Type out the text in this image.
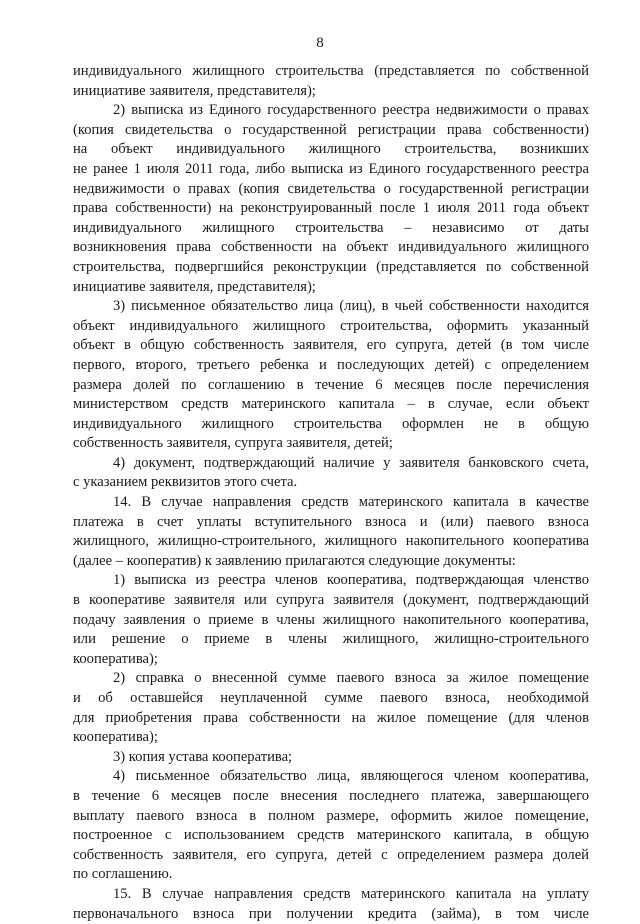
8
индивидуального жилищного строительства (представляется по собственной
инициативе заявителя, представителя);
2) выписка из Единого государственного реестра недвижимости о правах
(копия свидетельства о государственной регистрации права собственности)
на объект индивидуального жилищного строительства, возникших
не ранее 1 июля 2011 года, либо выписка из Единого государственного реестра
недвижимости о правах (копия свидетельства о государственной регистрации
права собственности) на реконструированный после 1 июля 2011 года объект
индивидуального жилищного строительства – независимо от даты
возникновения права собственности на объект индивидуального жилищного
строительства, подвергшийся реконструкции (представляется по собственной
инициативе заявителя, представителя);
3) письменное обязательство лица (лиц), в чьей собственности находится
объект индивидуального жилищного строительства, оформить указанный
объект в общую собственность заявителя, его супруга, детей (в том числе
первого, второго, третьего ребенка и последующих детей) с определением
размера долей по соглашению в течение 6 месяцев после перечисления
министерством средств материнского капитала – в случае, если объект
индивидуального жилищного строительства оформлен не в общую
собственность заявителя, супруга заявителя, детей;
4) документ, подтверждающий наличие у заявителя банковского счета,
с указанием реквизитов этого счета.
14. В случае направления средств материнского капитала в качестве
платежа в счет уплаты вступительного взноса и (или) паевого взноса
жилищного, жилищно-строительного, жилищного накопительного кооператива
(далее – кооператив) к заявлению прилагаются следующие документы:
1) выписка из реестра членов кооператива, подтверждающая членство
в кооперативе заявителя или супруга заявителя (документ, подтверждающий
подачу заявления о приеме в члены жилищного накопительного кооператива,
или решение о приеме в члены жилищного, жилищно-строительного
кооператива);
2) справка о внесенной сумме паевого взноса за жилое помещение
и об оставшейся неуплаченной сумме паевого взноса, необходимой
для приобретения права собственности на жилое помещение (для членов
кооператива);
3) копия устава кооператива;
4) письменное обязательство лица, являющегося членом кооператива,
в течение 6 месяцев после внесения последнего платежа, завершающего
выплату паевого взноса в полном размере, оформить жилое помещение,
построенное с использованием средств материнского капитала, в общую
собственность заявителя, его супруга, детей с определением размера долей
по соглашению.
15. В случае направления средств материнского капитала на уплату
первоначального взноса при получении кредита (займа), в том числе
